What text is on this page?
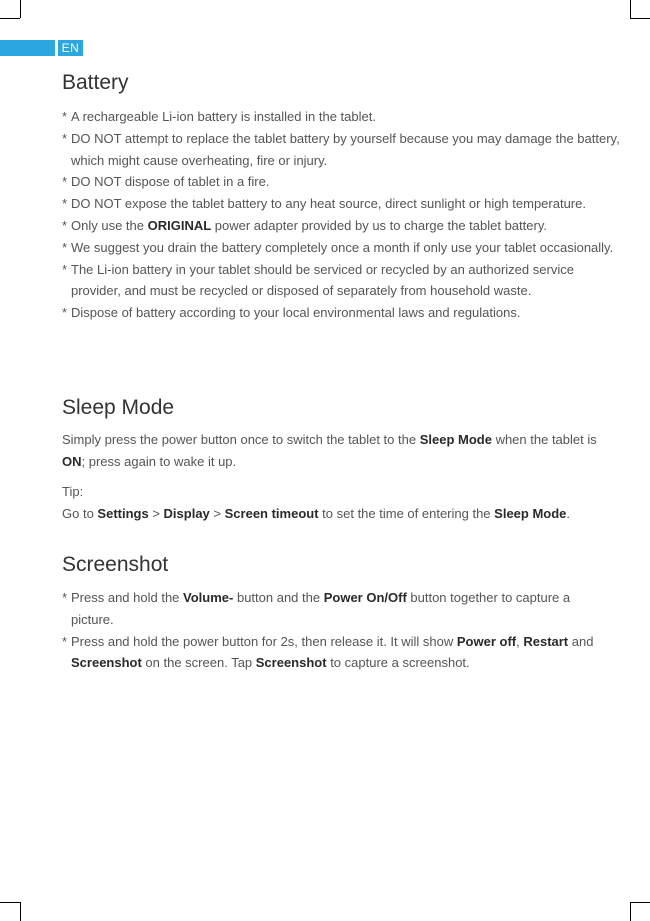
EN
Battery
* A rechargeable Li-ion battery is installed in the tablet.
* DO NOT attempt to replace the tablet battery by yourself because you may damage the battery, which might cause overheating, fire or injury.
* DO NOT dispose of tablet in a fire.
* DO NOT expose the tablet battery to any heat source, direct sunlight or high temperature.
* Only use the ORIGINAL power adapter provided by us to charge the tablet battery.
* We suggest you drain the battery completely once a month if only use your tablet occasionally.
* The Li-ion battery in your tablet should be serviced or recycled by an authorized service provider, and must be recycled or disposed of separately from household waste.
* Dispose of battery according to your local environmental laws and regulations.
Sleep Mode

Simply press the power button once to switch the tablet to the Sleep Mode when the tablet is ON; press again to wake it up.

Tip:

Go to Settings > Display > Screen timeout to set the time of entering the Sleep Mode.

Screenshot
* Press and hold the Volume- button and the Power On/Off button together to capture a picture.
* Press and hold the power button for 2s, then release it. It will show Power off, Restart and Screenshot on the screen. Tap Screenshot to capture a screenshot.
